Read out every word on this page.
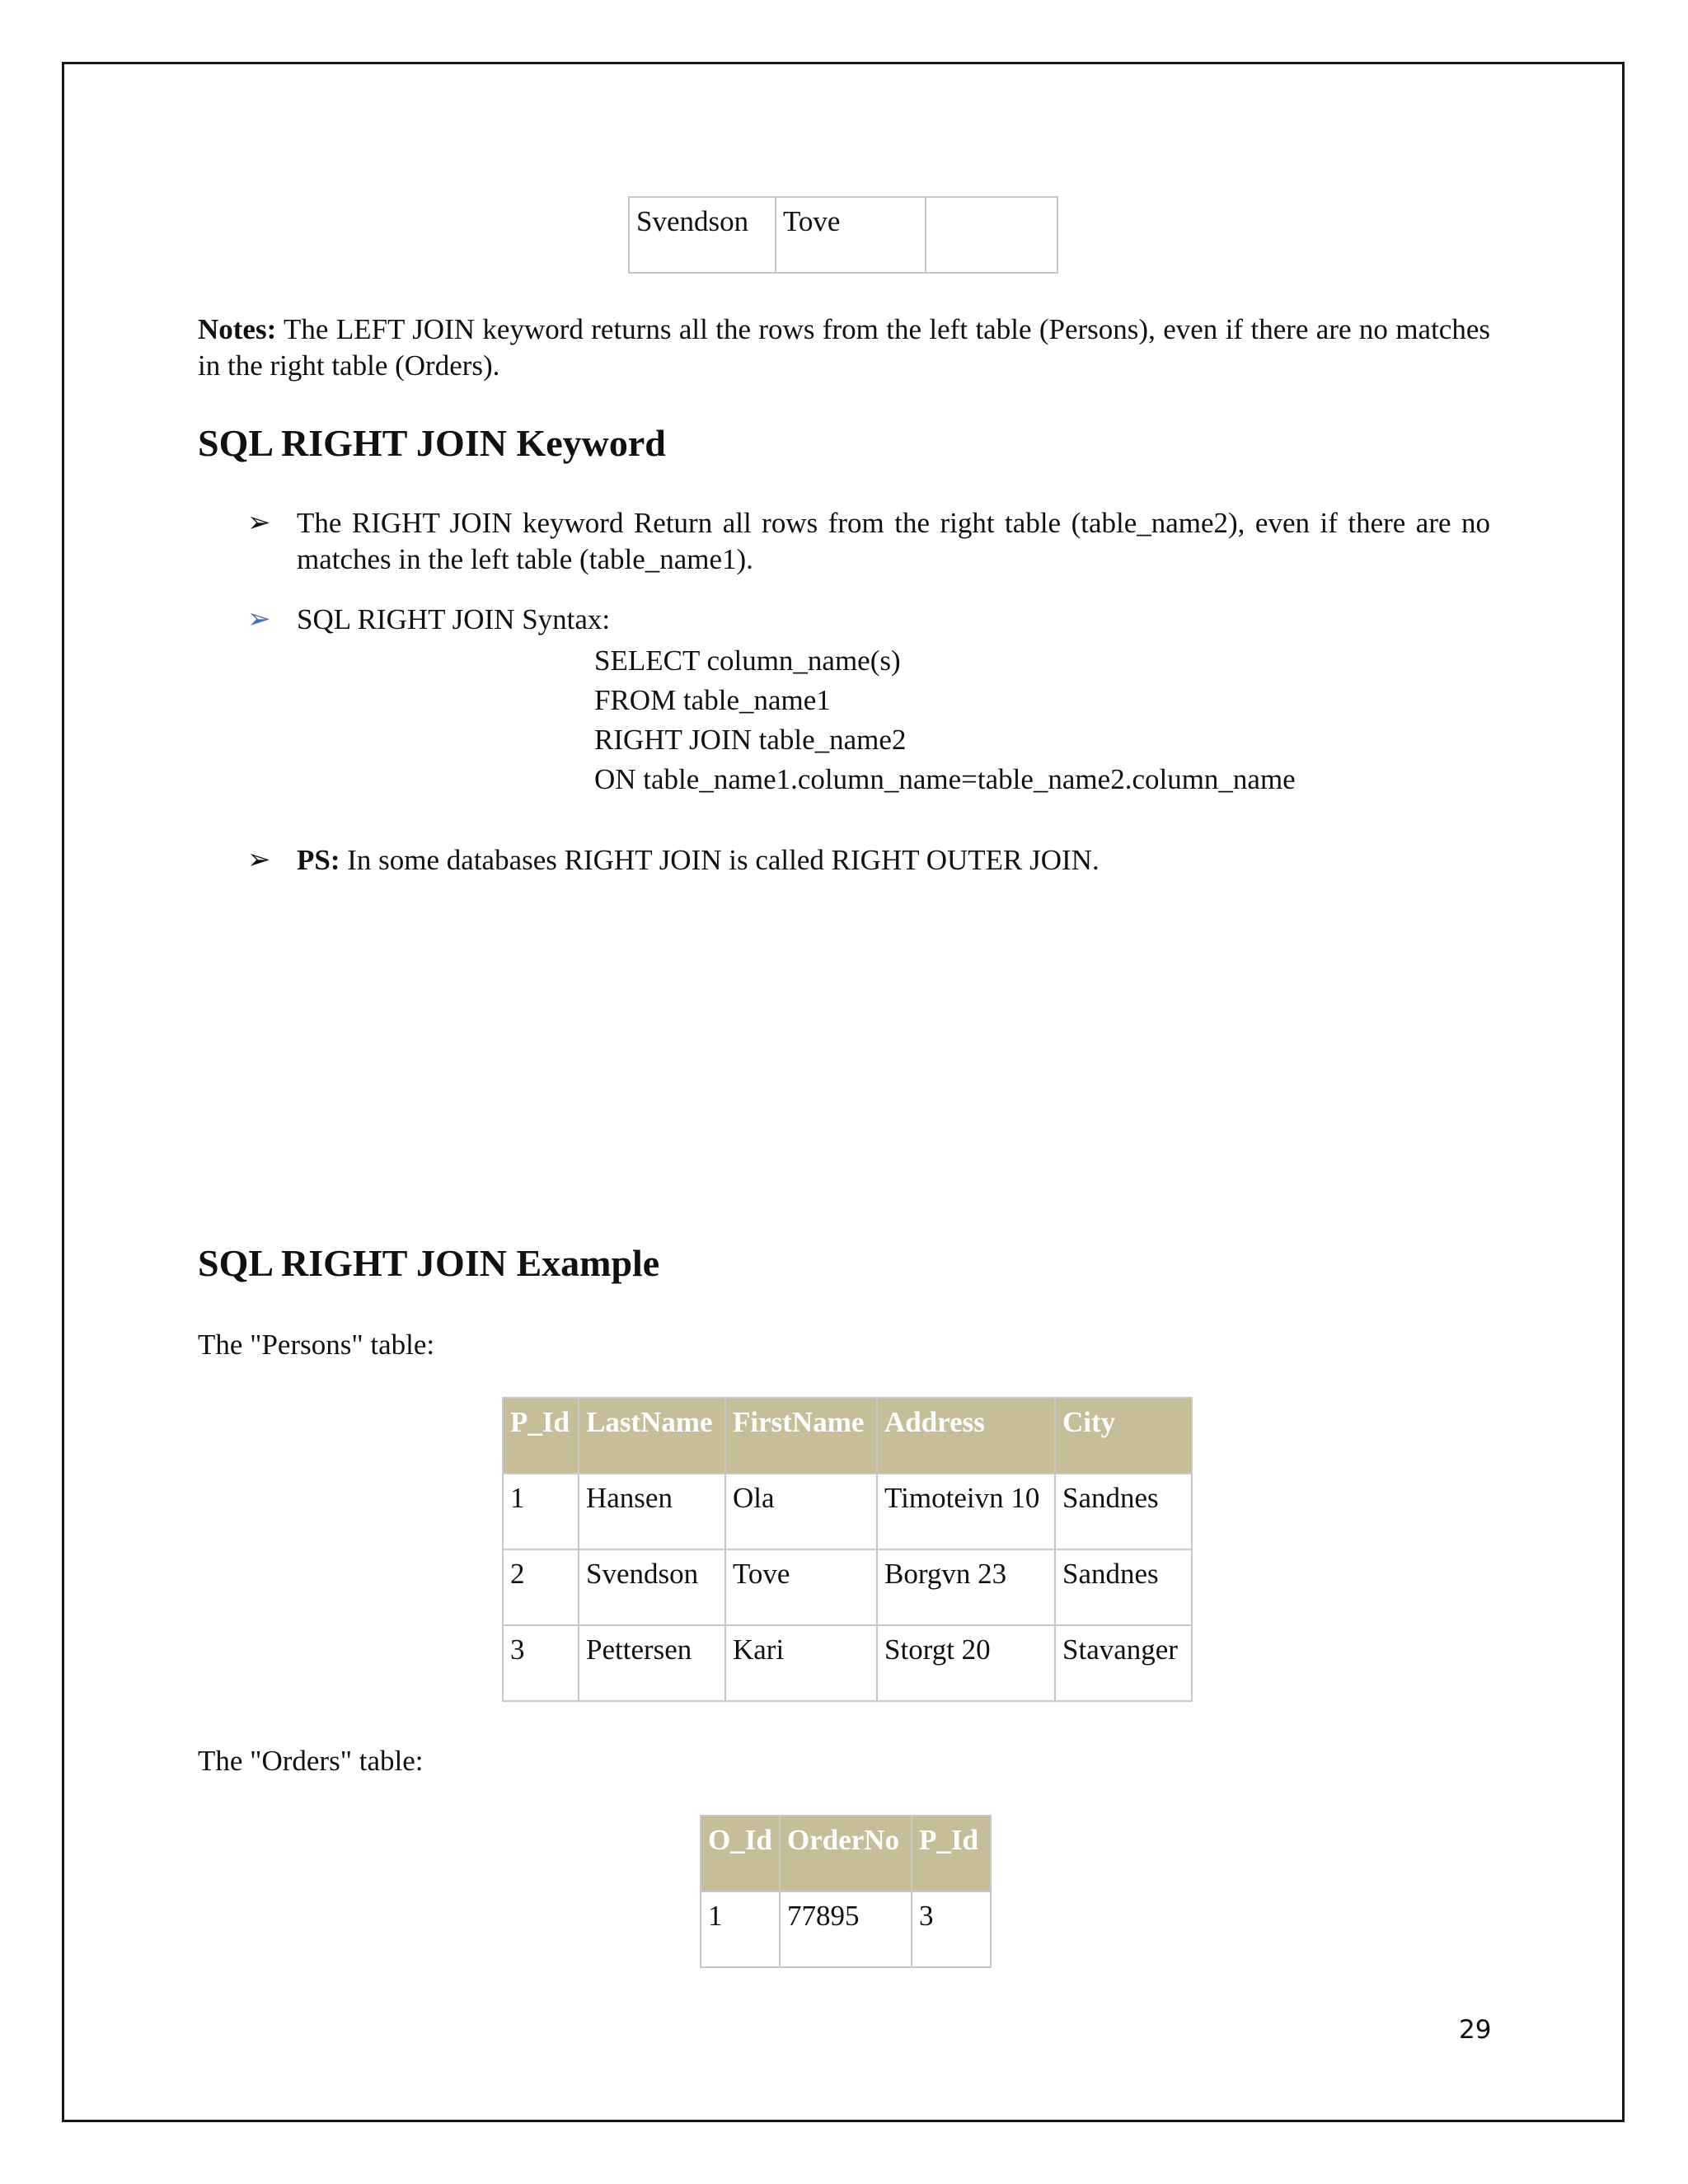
Svendson	Tove	
Notes: The LEFT JOIN keyword returns all the rows from the left table (Persons), even if there are no matches in the right table (Orders).
SQL RIGHT JOIN Keyword
➢ The RIGHT JOIN keyword Return all rows from the right table (table_name2), even if there are no matches in the left table (table_name1).
➢ SQL RIGHT JOIN Syntax:
SELECT column_name(s)
FROM table_name1
RIGHT JOIN table_name2
ON table_name1.column_name=table_name2.column_name
➢ PS: In some databases RIGHT JOIN is called RIGHT OUTER JOIN.
SQL RIGHT JOIN Example
The "Persons" table:
P_Id	LastName	FirstName	Address	City
1	Hansen	Ola	Timoteivn 10	Sandnes
2	Svendson	Tove	Borgvn 23	Sandnes
3	Pettersen	Kari	Storgt 20	Stavanger
The "Orders" table:
O_Id	OrderNo	P_Id
1	77895	3
29
